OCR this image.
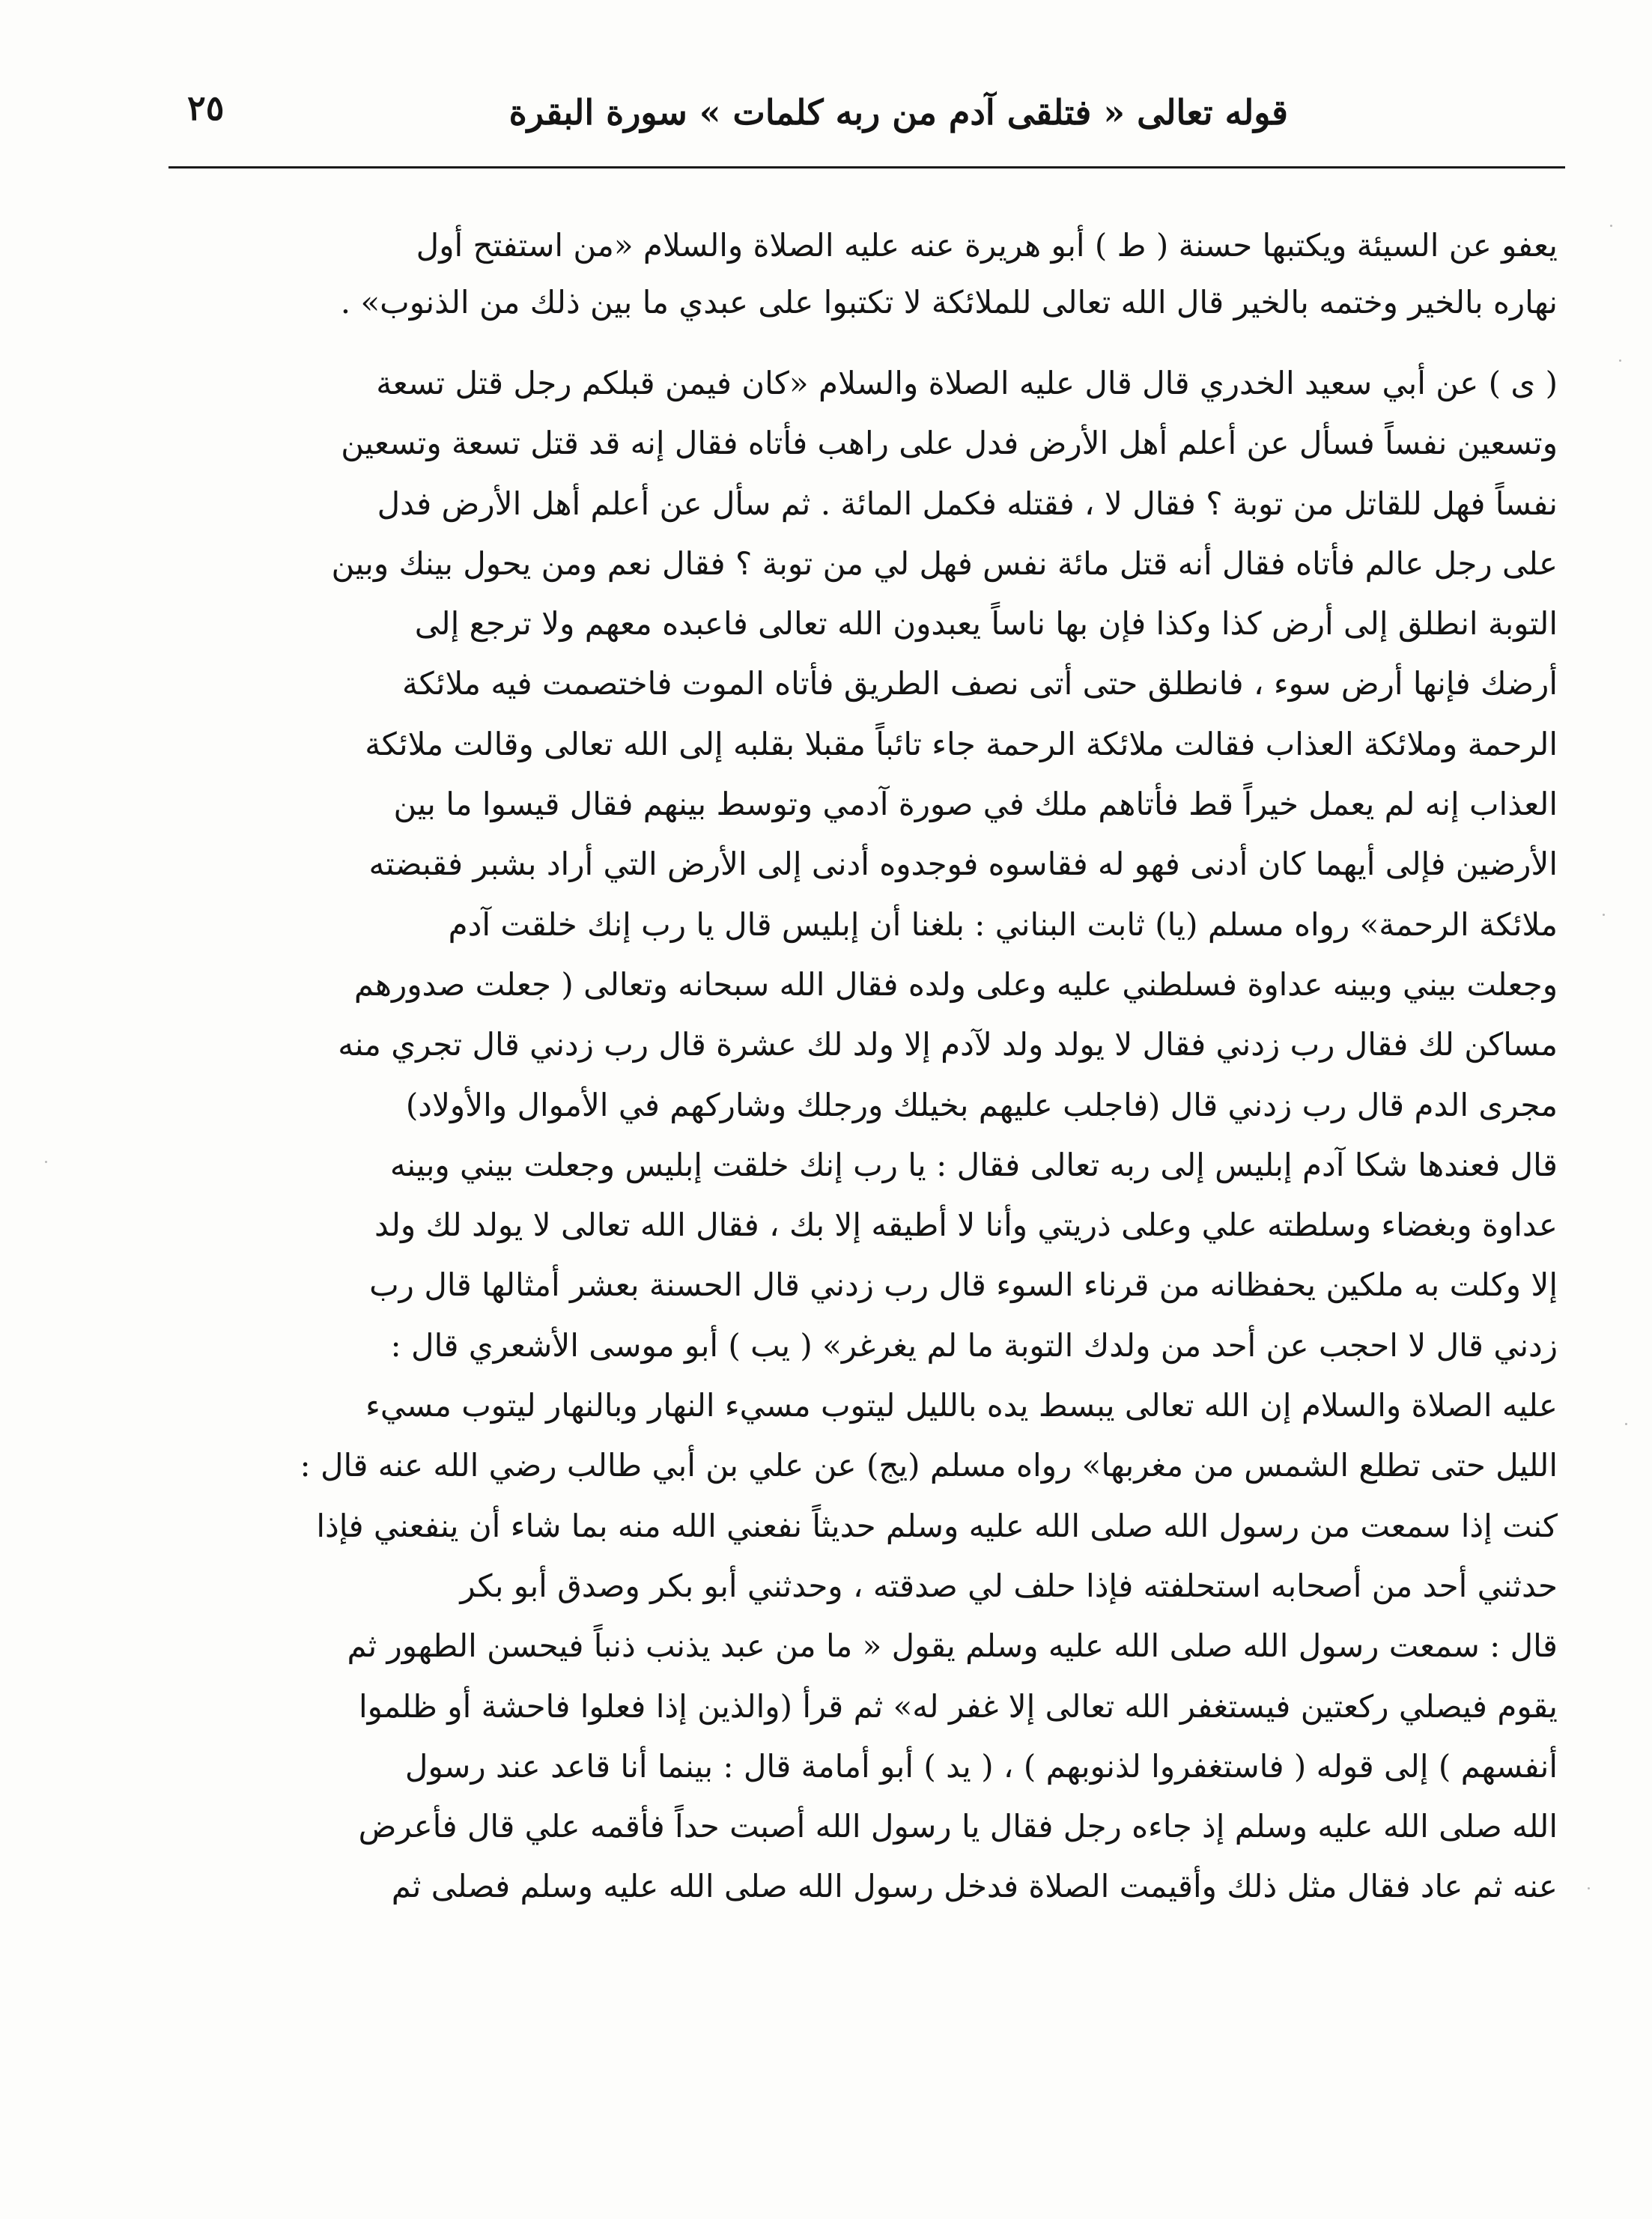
قوله تعالى « فتلقى آدم من ربه كلمات » سورة البقرة
٢٥
يعفو عن السيئة ويكتبها حسنة ( ط ) أبو هريرة عنه عليه الصلاة والسلام «من استفتح أول
نهاره بالخير وختمه بالخير قال الله تعالى للملائكة لا تكتبوا على عبدي ما بين ذلك من الذنوب» .
( ى ) عن أبي سعيد الخدري قال قال عليه الصلاة والسلام «كان فيمن قبلكم رجل قتل تسعة
وتسعين نفساً فسأل عن أعلم أهل الأرض فدل على راهب فأتاه فقال إنه قد قتل تسعة وتسعين
نفساً فهل للقاتل من توبة ؟ فقال لا ، فقتله فكمل المائة . ثم سأل عن أعلم أهل الأرض فدل
على رجل عالم فأتاه فقال أنه قتل مائة نفس فهل لي من توبة ؟ فقال نعم ومن يحول بينك وبين
التوبة انطلق إلى أرض كذا وكذا فإن بها ناساً يعبدون الله تعالى فاعبده معهم ولا ترجع إلى
أرضك فإنها أرض سوء ، فانطلق حتى أتى نصف الطريق فأتاه الموت فاختصمت فيه ملائكة
الرحمة وملائكة العذاب فقالت ملائكة الرحمة جاء تائباً مقبلا بقلبه إلى الله تعالى وقالت ملائكة
العذاب إنه لم يعمل خيراً قط فأتاهم ملك في صورة آدمي وتوسط بينهم فقال قيسوا ما بين
الأرضين فإلى أيهما كان أدنى فهو له فقاسوه فوجدوه أدنى إلى الأرض التي أراد بشبر فقبضته
ملائكة الرحمة» رواه مسلم (يا) ثابت البناني : بلغنا أن إبليس قال يا رب إنك خلقت آدم
وجعلت بيني وبينه عداوة فسلطني عليه وعلى ولده فقال الله سبحانه وتعالى ( جعلت صدورهم
مساكن لك فقال رب زدني فقال لا يولد ولد لآدم إلا ولد لك عشرة قال رب زدني قال تجري منه
مجرى الدم قال رب زدني قال (فاجلب عليهم بخيلك ورجلك وشاركهم في الأموال والأولاد)
قال فعندها شكا آدم إبليس إلى ربه تعالى فقال : يا رب إنك خلقت إبليس وجعلت بيني وبينه
عداوة وبغضاء وسلطته علي وعلى ذريتي وأنا لا أطيقه إلا بك ، فقال الله تعالى لا يولد لك ولد
إلا وكلت به ملكين يحفظانه من قرناء السوء قال رب زدني قال الحسنة بعشر أمثالها قال رب
زدني قال لا احجب عن أحد من ولدك التوبة ما لم يغرغر» ( يب ) أبو موسى الأشعري قال :
عليه الصلاة والسلام إن الله تعالى يبسط يده بالليل ليتوب مسيء النهار وبالنهار ليتوب مسيء
الليل حتى تطلع الشمس من مغربها» رواه مسلم (يج) عن علي بن أبي طالب رضي الله عنه قال :
كنت إذا سمعت من رسول الله صلى الله عليه وسلم حديثاً نفعني الله منه بما شاء أن ينفعني فإذا
حدثني أحد من أصحابه استحلفته فإذا حلف لي صدقته ، وحدثني أبو بكر وصدق أبو بكر
قال : سمعت رسول الله صلى الله عليه وسلم يقول « ما من عبد يذنب ذنباً فيحسن الطهور ثم
يقوم فيصلي ركعتين فيستغفر الله تعالى إلا غفر له» ثم قرأ (والذين إذا فعلوا فاحشة أو ظلموا
أنفسهم ) إلى قوله ( فاستغفروا لذنوبهم ) ، ( يد ) أبو أمامة قال : بينما أنا قاعد عند رسول
الله صلى الله عليه وسلم إذ جاءه رجل فقال يا رسول الله أصبت حداً فأقمه علي قال فأعرض
عنه ثم عاد فقال مثل ذلك وأقيمت الصلاة فدخل رسول الله صلى الله عليه وسلم فصلى ثم
